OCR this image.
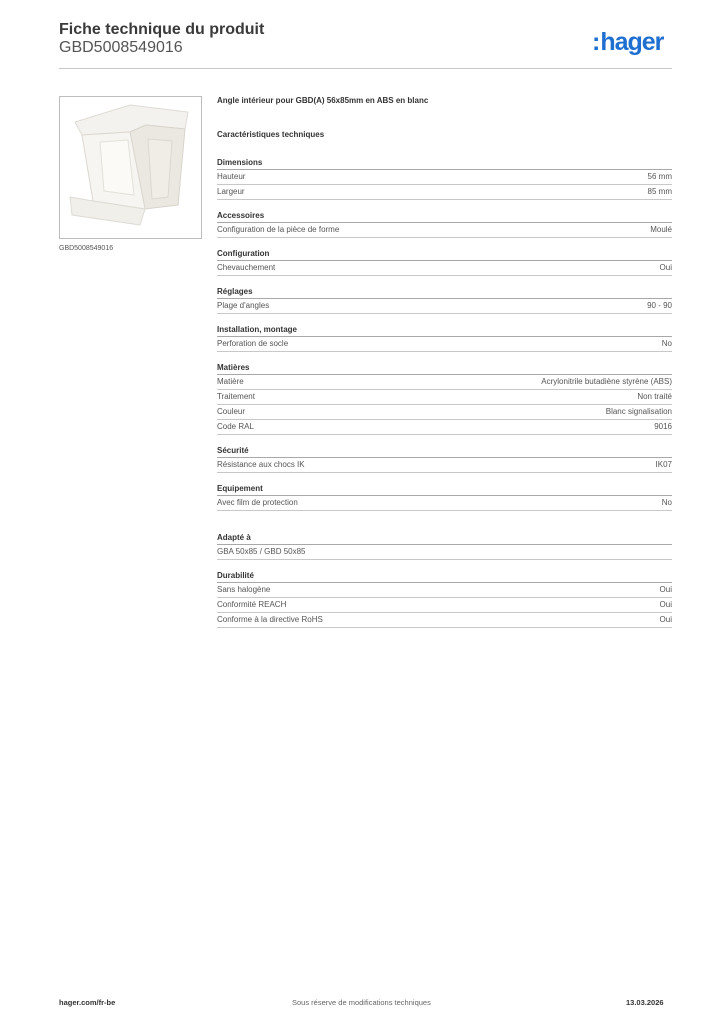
Fiche technique du produit
GBD5008549016	:hager
GBD5008549016
Angle intérieur pour GBD(A) 56x85mm en ABS en blanc
Caractéristiques techniques
Dimensions
Hauteur	56 mm
Largeur	85 mm
Accessoires
Configuration de la pièce de forme	Moulé
Configuration
Chevauchement	Oui
Réglages
Plage d'angles	90 - 90
Installation, montage
Perforation de socle	No
Matières
Matière	Acrylonitrile butadiène styrène (ABS)
Traitement	Non traité
Couleur	Blanc signalisation
Code RAL	9016
Sécurité
Résistance aux chocs IK	IK07
Equipement
Avec film de protection	No
Adapté à
GBA 50x85 / GBD 50x85
Durabilité
Sans halogène	Oui
Conformité REACH	Oui
Conforme à la directive RoHS	Oui
hager.com/fr-be	Sous réserve de modifications techniques	13.03.2026
